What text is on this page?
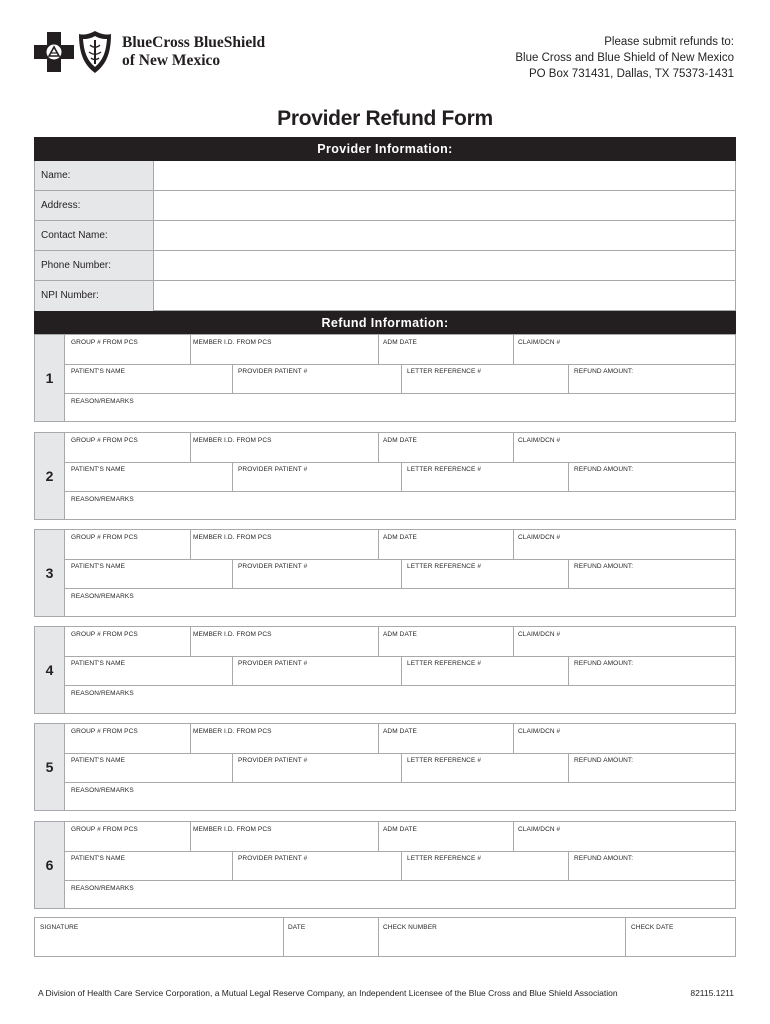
BlueCross BlueShield
of New Mexico
Please submit refunds to:
Blue Cross and Blue Shield of New Mexico
PO Box 731431, Dallas, TX 75373-1431
Provider Refund Form
Provider Information:
Name:
Address:
Contact Name:
Phone Number:
NPI Number:
Refund Information:
1
GROUP # FROM PCS	MEMBER I.D. FROM PCS	ADM DATE	CLAIM/DCN #
PATIENT'S NAME	PROVIDER PATIENT #	LETTER REFERENCE #	REFUND AMOUNT:
REASON/REMARKS
2
GROUP # FROM PCS	MEMBER I.D. FROM PCS	ADM DATE	CLAIM/DCN #
PATIENT'S NAME	PROVIDER PATIENT #	LETTER REFERENCE #	REFUND AMOUNT:
REASON/REMARKS
3
GROUP # FROM PCS	MEMBER I.D. FROM PCS	ADM DATE	CLAIM/DCN #
PATIENT'S NAME	PROVIDER PATIENT #	LETTER REFERENCE #	REFUND AMOUNT:
REASON/REMARKS
4
GROUP # FROM PCS	MEMBER I.D. FROM PCS	ADM DATE	CLAIM/DCN #
PATIENT'S NAME	PROVIDER PATIENT #	LETTER REFERENCE #	REFUND AMOUNT:
REASON/REMARKS
5
GROUP # FROM PCS	MEMBER I.D. FROM PCS	ADM DATE	CLAIM/DCN #
PATIENT'S NAME	PROVIDER PATIENT #	LETTER REFERENCE #	REFUND AMOUNT:
REASON/REMARKS
6
GROUP # FROM PCS	MEMBER I.D. FROM PCS	ADM DATE	CLAIM/DCN #
PATIENT'S NAME	PROVIDER PATIENT #	LETTER REFERENCE #	REFUND AMOUNT:
REASON/REMARKS
SIGNATURE	DATE	CHECK NUMBER	CHECK DATE
A Division of Health Care Service Corporation, a Mutual Legal Reserve Company, an Independent Licensee of the Blue Cross and Blue Shield Association	82115.1211
